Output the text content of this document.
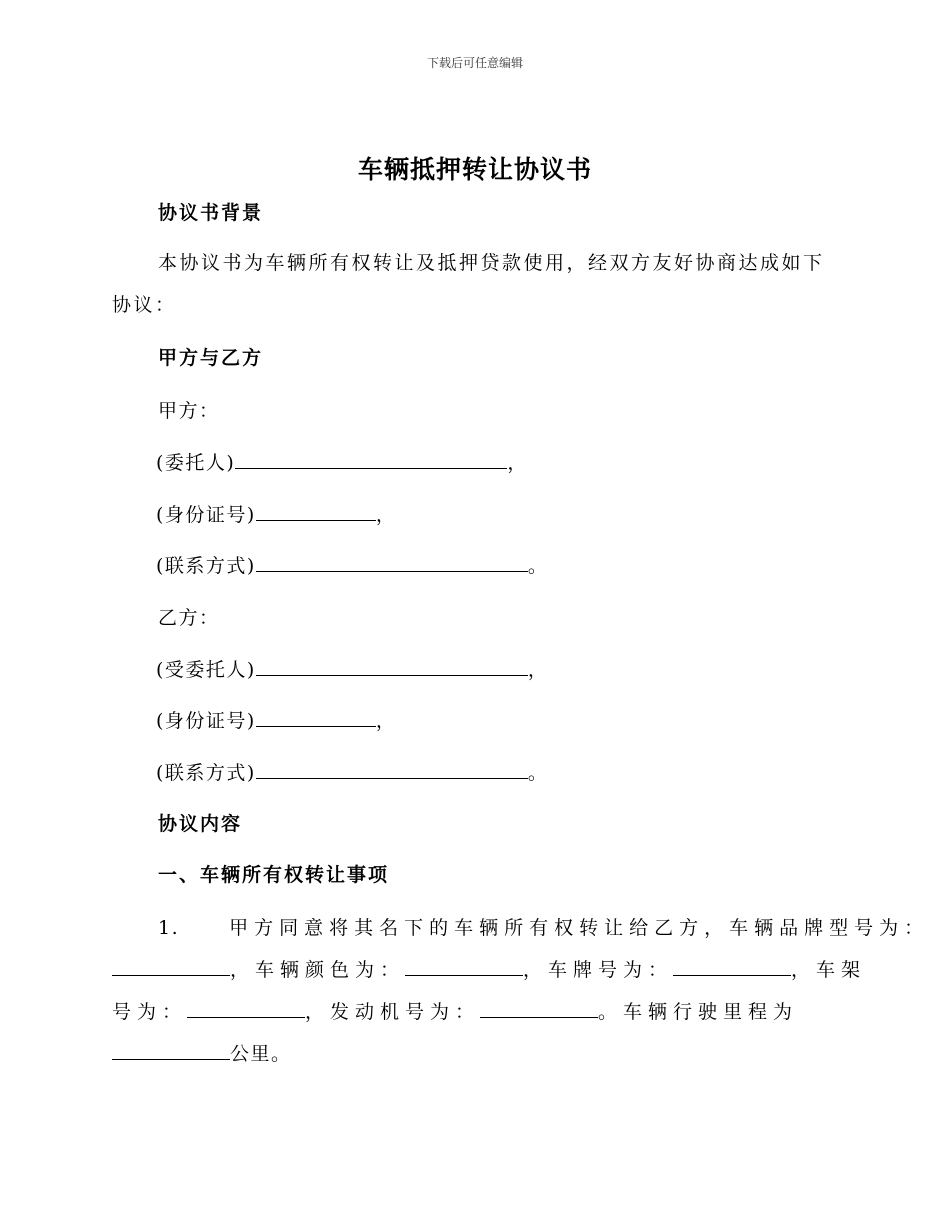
下载后可任意编辑
车辆抵押转让协议书
协议书背景
本协议书为车辆所有权转让及抵押贷款使用，经双方友好协商达成如下协议：
甲方与乙方
甲方：
(委托人)	，
(身份证号)	，
(联系方式)	。
乙方：
(受委托人)	，
(身份证号)	，
(联系方式)	。
协议内容
一、车辆所有权转让事项
1.	甲方同意将其名下的车辆所有权转让给乙方，车辆品牌型号为：
，车辆颜色为：	，车牌号为：	，车架
号为：	，发动机号为：	。车辆行驶里程为
公里。
